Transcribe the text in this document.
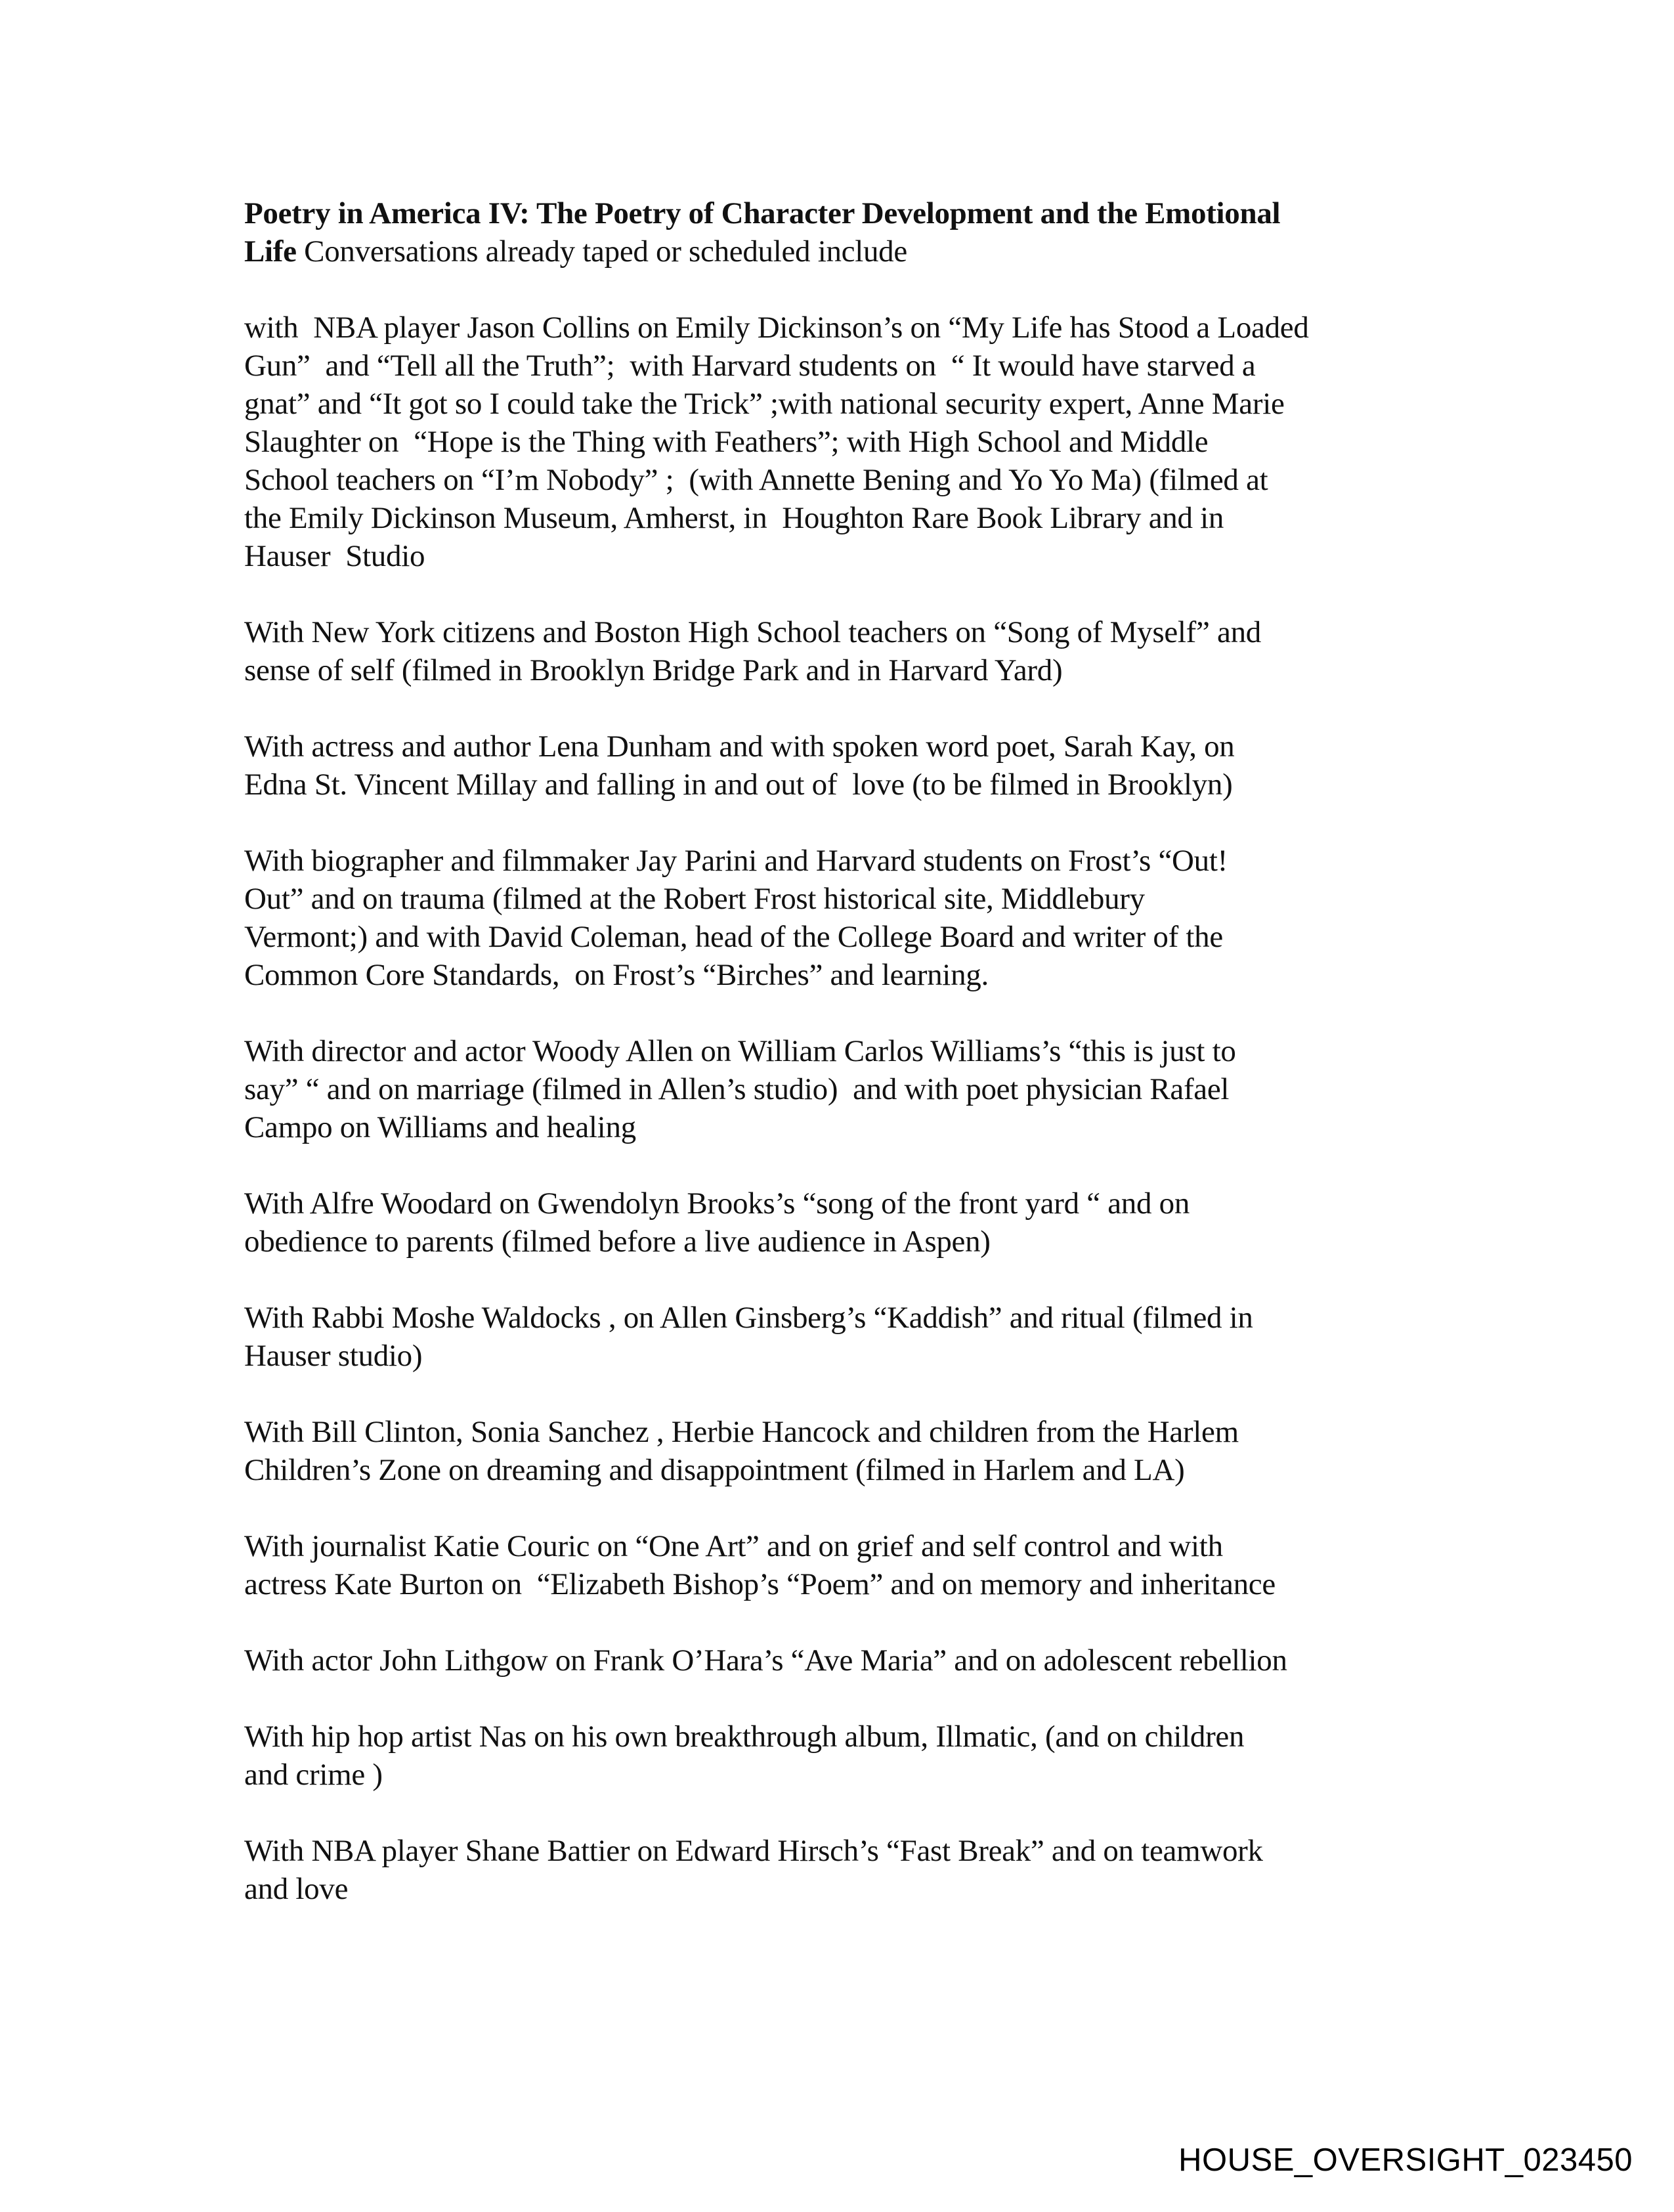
Poetry in America IV: The Poetry of Character Development and the Emotional
Life Conversations already taped or scheduled include
with  NBA player Jason Collins on Emily Dickinson’s on “My Life has Stood a Loaded
Gun”  and “Tell all the Truth”;  with Harvard students on  “ It would have starved a
gnat” and “It got so I could take the Trick” ;with national security expert, Anne Marie
Slaughter on  “Hope is the Thing with Feathers”; with High School and Middle
School teachers on “I’m Nobody” ;  (with Annette Bening and Yo Yo Ma) (filmed at
the Emily Dickinson Museum, Amherst, in  Houghton Rare Book Library and in
Hauser  Studio
With New York citizens and Boston High School teachers on “Song of Myself” and
sense of self (filmed in Brooklyn Bridge Park and in Harvard Yard)
With actress and author Lena Dunham and with spoken word poet, Sarah Kay, on
Edna St. Vincent Millay and falling in and out of  love (to be filmed in Brooklyn)
With biographer and filmmaker Jay Parini and Harvard students on Frost’s “Out!
Out” and on trauma (filmed at the Robert Frost historical site, Middlebury
Vermont;) and with David Coleman, head of the College Board and writer of the
Common Core Standards,  on Frost’s “Birches” and learning.
With director and actor Woody Allen on William Carlos Williams’s “this is just to
say” “ and on marriage (filmed in Allen’s studio)  and with poet physician Rafael
Campo on Williams and healing
With Alfre Woodard on Gwendolyn Brooks’s “song of the front yard “ and on
obedience to parents (filmed before a live audience in Aspen)
With Rabbi Moshe Waldocks , on Allen Ginsberg’s “Kaddish” and ritual (filmed in
Hauser studio)
With Bill Clinton, Sonia Sanchez , Herbie Hancock and children from the Harlem
Children’s Zone on dreaming and disappointment (filmed in Harlem and LA)
With journalist Katie Couric on “One Art” and on grief and self control and with
actress Kate Burton on  “Elizabeth Bishop’s “Poem” and on memory and inheritance
With actor John Lithgow on Frank O’Hara’s “Ave Maria” and on adolescent rebellion
With hip hop artist Nas on his own breakthrough album, Illmatic, (and on children
and crime )
With NBA player Shane Battier on Edward Hirsch’s “Fast Break” and on teamwork
and love
HOUSE_OVERSIGHT_023450
